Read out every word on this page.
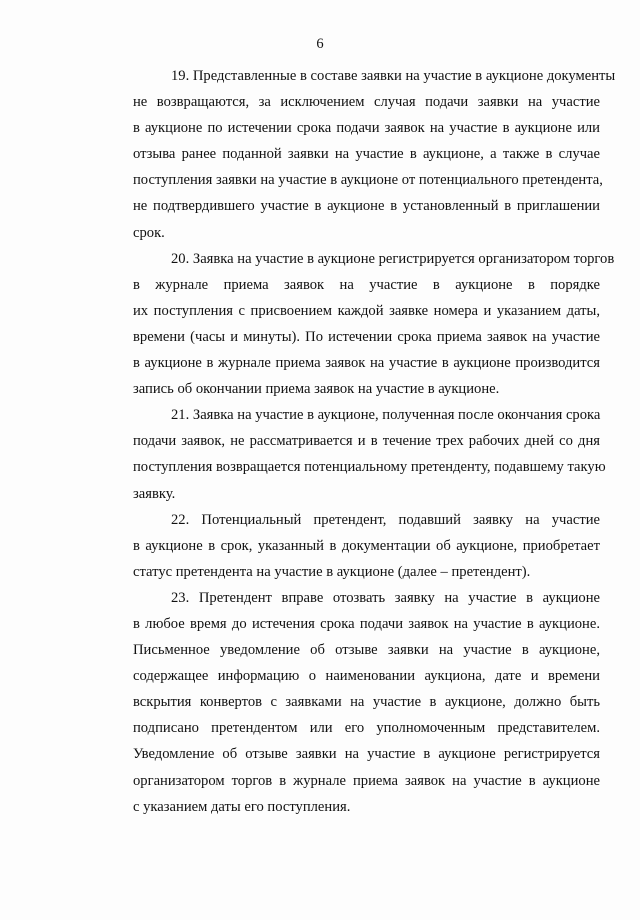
6
19. Представленные в составе заявки на участие в аукционе документы
не возвращаются, за исключением случая подачи заявки на участие
в аукционе по истечении срока подачи заявок на участие в аукционе или
отзыва ранее поданной заявки на участие в аукционе, а также в случае
поступления заявки на участие в аукционе от потенциального претендента,
не подтвердившего участие в аукционе в установленный в приглашении
срок.
20. Заявка на участие в аукционе регистрируется организатором торгов
в журнале приема заявок на участие в аукционе в порядке
их поступления с присвоением каждой заявке номера и указанием даты,
времени (часы и минуты). По истечении срока приема заявок на участие
в аукционе в журнале приема заявок на участие в аукционе производится
запись об окончании приема заявок на участие в аукционе.
21. Заявка на участие в аукционе, полученная после окончания срока
подачи заявок, не рассматривается и в течение трех рабочих дней со дня
поступления возвращается потенциальному претенденту, подавшему такую
заявку.
22. Потенциальный претендент, подавший заявку на участие
в аукционе в срок, указанный в документации об аукционе, приобретает
статус претендента на участие в аукционе (далее – претендент).
23. Претендент вправе отозвать заявку на участие в аукционе
в любое время до истечения срока подачи заявок на участие в аукционе.
Письменное уведомление об отзыве заявки на участие в аукционе,
содержащее информацию о наименовании аукциона, дате и времени
вскрытия конвертов с заявками на участие в аукционе, должно быть
подписано претендентом или его уполномоченным представителем.
Уведомление об отзыве заявки на участие в аукционе регистрируется
организатором торгов в журнале приема заявок на участие в аукционе
с указанием даты его поступления.
